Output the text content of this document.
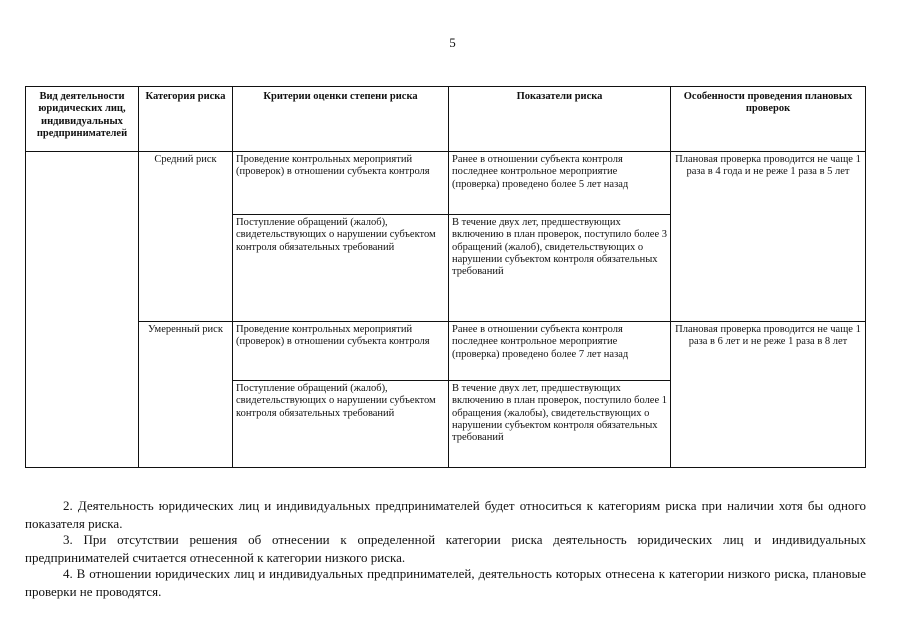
5
Вид деятельности юридических лиц, индивидуальных предпринимателей	Категория риска	Критерии оценки степени риска	Показатели риска	Особенности проведения плановых проверок
	Средний риск	Проведение контрольных мероприятий (проверок) в отношении субъекта контроля	Ранее в отношении субъекта контроля последнее контрольное мероприятие (проверка) проведено более 5 лет назад	Плановая проверка проводится не чаще 1 раза в 4 года и не реже 1 раза в 5 лет
		Поступление обращений (жалоб), свидетельствующих о нарушении субъектом контроля обязательных требований	В течение двух лет, предшествующих включению в план проверок, поступило более 3 обращений (жалоб), свидетельствующих о нарушении субъектом контроля обязательных требований	
	Умеренный риск	Проведение контрольных мероприятий (проверок) в отношении субъекта контроля	Ранее в отношении субъекта контроля последнее контрольное мероприятие (проверка) проведено более 7 лет назад	Плановая проверка проводится не чаще 1 раза в 6 лет и не реже 1 раза в 8 лет
		Поступление обращений (жалоб), свидетельствующих о нарушении субъектом контроля обязательных требований	В течение двух лет, предшествующих включению в план проверок, поступило более 1 обращения (жалобы), свидетельствующих о нарушении субъектом контроля обязательных требований	

2. Деятельность юридических лиц и индивидуальных предпринимателей будет относиться к категориям риска при наличии хотя бы одного показателя риска.

3. При отсутствии решения об отнесении к определенной категории риска деятельность юридических лиц и индивидуальных предпринимателей считается отнесенной к категории низкого риска.

4. В отношении юридических лиц и индивидуальных предпринимателей, деятельность которых отнесена к категории низкого риска, плановые проверки не проводятся.
